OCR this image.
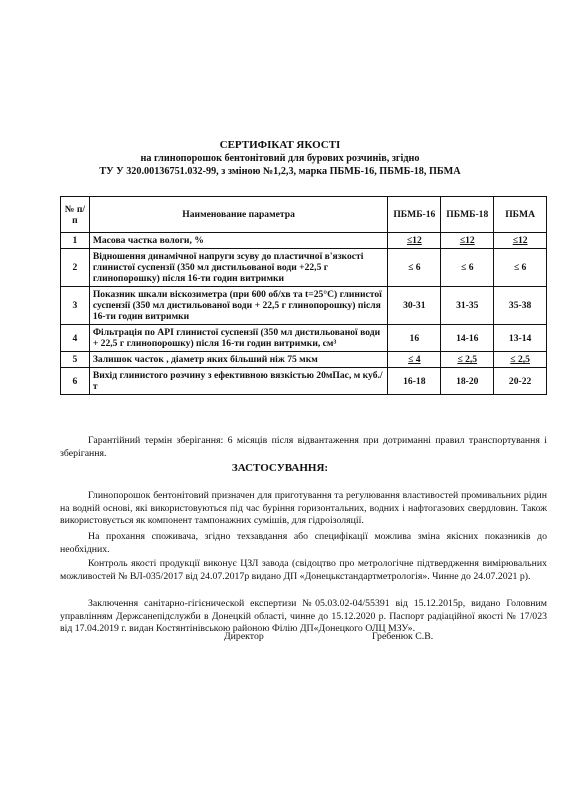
СЕРТИФІКАТ ЯКОСТІ
на глинопорошок бентонітовий для бурових розчинів, згідно
ТУ У 320.00136751.032-99, з зміною №1,2,3, марка ПБМБ-16, ПБМБ-18, ПБМА
№ п/п	Наименование параметра	ПБМБ-16	ПБМБ-18	ПБМА
1	Масова частка вологи, %	≤12	≤12	≤12
2	Відношення динамічної напруги зсуву до пластичної в'язкості глинистої суспензії (350 мл дистильованої води +22,5 г глинопорошку) після 16-ти годин витримки	≤ 6	≤ 6	≤ 6
3	Показник шкали віскозиметра (при 600 об/хв та t=25°С) глинистої суспензії (350 мл дистильованої води + 22,5 г глинопорошку) після 16-ти годин витримки	30-31	31-35	35-38
4	Фільтрація по АРІ глинистої суспензії (350 мл дистильованої води + 22,5 г глинопорошку) після 16-ти годин витримки, см³	16	14-16	13-14
5	Залишок часток , діаметр яких більший ніж 75 мкм	≤ 4	≤ 2,5	≤ 2,5
6	Вихід глинистого розчину з ефективною вязкістью 20мПас, м куб./т	16-18	18-20	20-22
Гарантійний термін зберігання: 6 місяців після відвантаження при дотриманні правил транспортування і зберігання.
ЗАСТОСУВАННЯ:
Глинопорошок бентонітовий призначен для приготування та регулювання властивостей промивальних рідин на водній основі, які використовуються під час буріння горизонтальних, водних і нафтогазових свердловин. Також використовується як компонент тампонажних сумішів, для гідроізоляції.
На прохання споживача, згідно техзавдання або специфікації можлива зміна якісних показників до необхідних.
Контроль якості продукції виконує ЦЗЛ завода (свідоцтво про метрологічне підтвердження вимірювальних можливостей № ВЛ-035/2017 від 24.07.2017р видано ДП «Донецькстандартметрологія». Чинне до 24.07.2021 р).
Заключення санітарно-гігієнической експертизи №05.03.02-04/55391 від 15.12.2015р, видано Головним управлінням Держсанепідслужби в Донецкій області, чинне до 15.12.2020 р. Паспорт радіаційної якості № 17/023 від 17.04.2019 г. видан Костянтінівською районою Філію ДП«Донецкого ОЛЦ МЗУ».
Директор	Гребенюк С.В.
